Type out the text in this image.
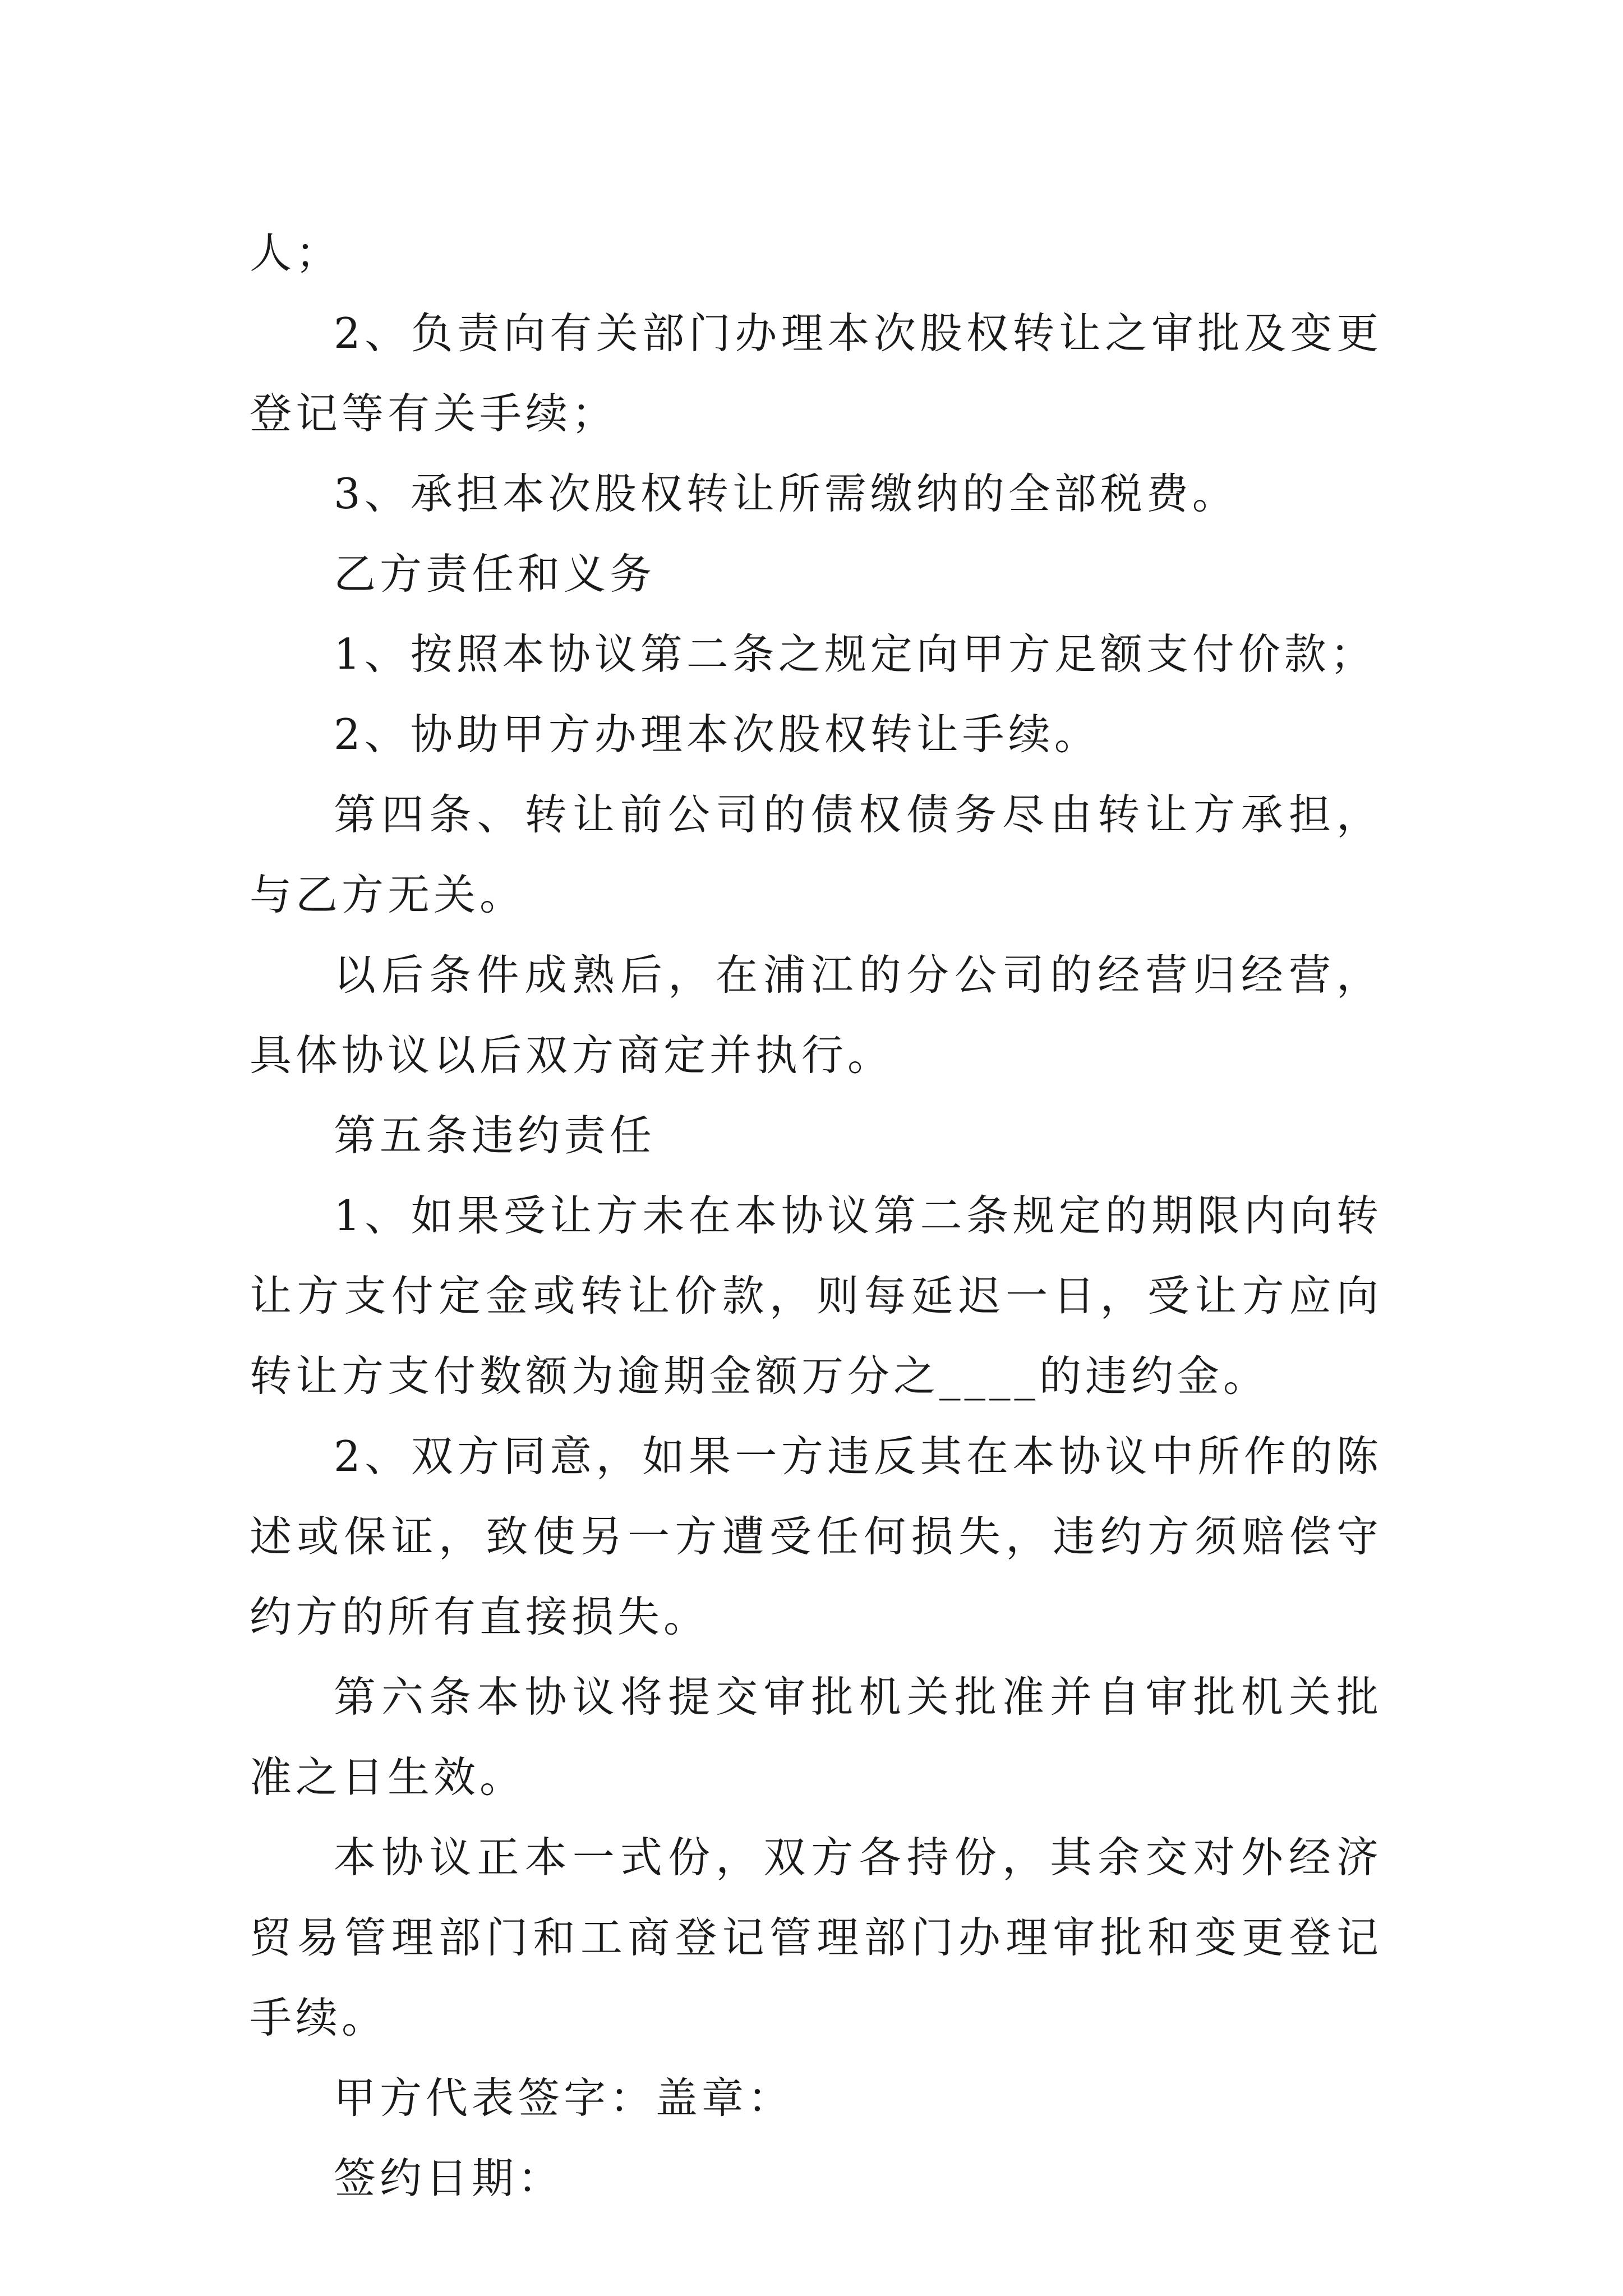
人；

2、负责向有关部门办理本次股权转让之审批及变更登记等有关手续；

3、承担本次股权转让所需缴纳的全部税费。

乙方责任和义务

1、按照本协议第二条之规定向甲方足额支付价款；

2、协助甲方办理本次股权转让手续。

第四条、转让前公司的债权债务尽由转让方承担，与乙方无关。

以后条件成熟后，在浦江的分公司的经营归经营，具体协议以后双方商定并执行。

第五条违约责任

1、如果受让方未在本协议第二条规定的期限内向转让方支付定金或转让价款，则每延迟一日，受让方应向转让方支付数额为逾期金额万分之____的违约金。

2、双方同意，如果一方违反其在本协议中所作的陈述或保证，致使另一方遭受任何损失，违约方须赔偿守约方的所有直接损失。

第六条本协议将提交审批机关批准并自审批机关批准之日生效。

本协议正本一式份，双方各持份，其余交对外经济贸易管理部门和工商登记管理部门办理审批和变更登记手续。

甲方代表签字：盖章：

签约日期：
